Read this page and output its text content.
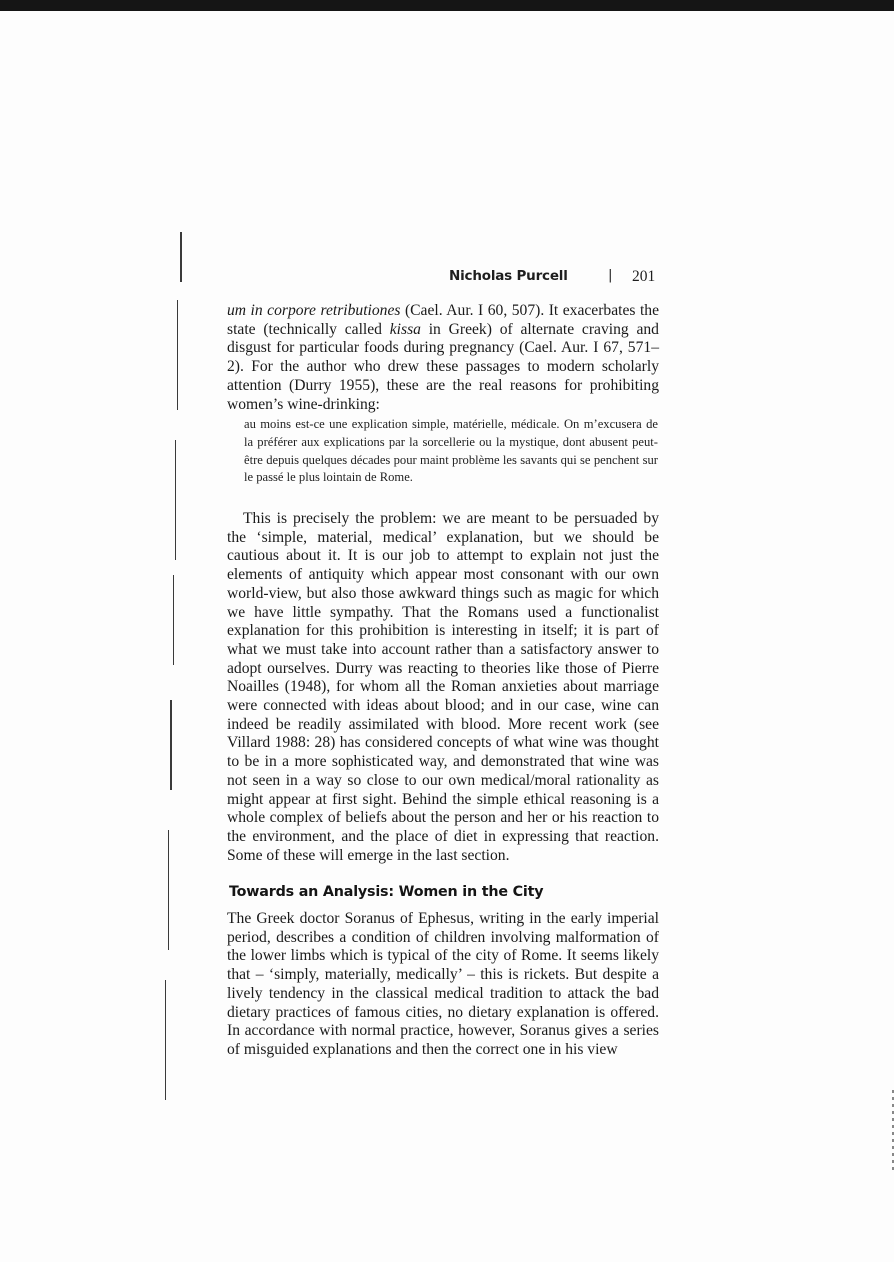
Nicholas Purcell	| 201

um in corpore retributiones (Cael. Aur. I 60, 507). It exacerbates the state (technically called kissa in Greek) of alternate craving and disgust for particular foods during pregnancy (Cael. Aur. I 67, 571–2). For the author who drew these passages to modern scholarly attention (Durry 1955), these are the real reasons for prohibiting women’s wine-drinking:

au moins est-ce une explication simple, matérielle, médicale. On m’excusera de la préférer aux explications par la sorcellerie ou la mystique, dont abusent peut-être depuis quelques décades pour maint problème les savants qui se penchent sur le passé le plus lointain de Rome.

This is precisely the problem: we are meant to be persuaded by the ‘simple, material, medical’ explanation, but we should be cautious about it. It is our job to attempt to explain not just the elements of antiquity which appear most consonant with our own world-view, but also those awkward things such as magic for which we have little sympathy. That the Romans used a functionalist explanation for this prohibition is interesting in itself; it is part of what we must take into account rather than a satisfactory answer to adopt ourselves. Durry was reacting to theories like those of Pierre Noailles (1948), for whom all the Roman anxieties about marriage were connected with ideas about blood; and in our case, wine can indeed be readily assimilated with blood. More recent work (see Villard 1988: 28) has considered concepts of what wine was thought to be in a more sophisticated way, and demonstrated that wine was not seen in a way so close to our own medical/moral rationality as might appear at first sight. Behind the simple ethical reasoning is a whole complex of beliefs about the person and her or his reaction to the environment, and the place of diet in expressing that reaction. Some of these will emerge in the last section.

Towards an Analysis: Women in the City

The Greek doctor Soranus of Ephesus, writing in the early imperial period, describes a condition of children involving malformation of the lower limbs which is typical of the city of Rome. It seems likely that – ‘simply, materially, medically’ – this is rickets. But despite a lively tendency in the classical medical tradition to attack the bad dietary practices of famous cities, no dietary explanation is offered. In accordance with normal practice, however, Soranus gives a series of misguided explanations and then the correct one in his view
